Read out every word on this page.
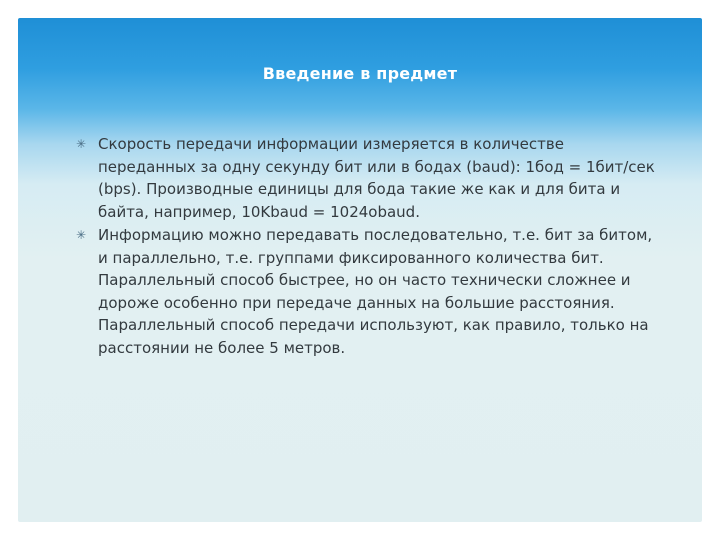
Введение в предмет
✳ Скорость передачи информации измеряется в количестве переданных за одну секунду бит или в бодах (baud): 1бод = 1бит/сек (bps). Производные единицы для бода такие же как и для бита и байта, например, 10Kbaud = 1024obaud.
✳ Информацию можно передавать последовательно, т.е. бит за битом, и параллельно, т.е. группами фиксированного количества бит. Параллельный способ быстрее, но он часто технически сложнее и дороже особенно при передаче данных на большие расстояния. Параллельный способ передачи используют, как правило, только на расстоянии не более 5 метров.
